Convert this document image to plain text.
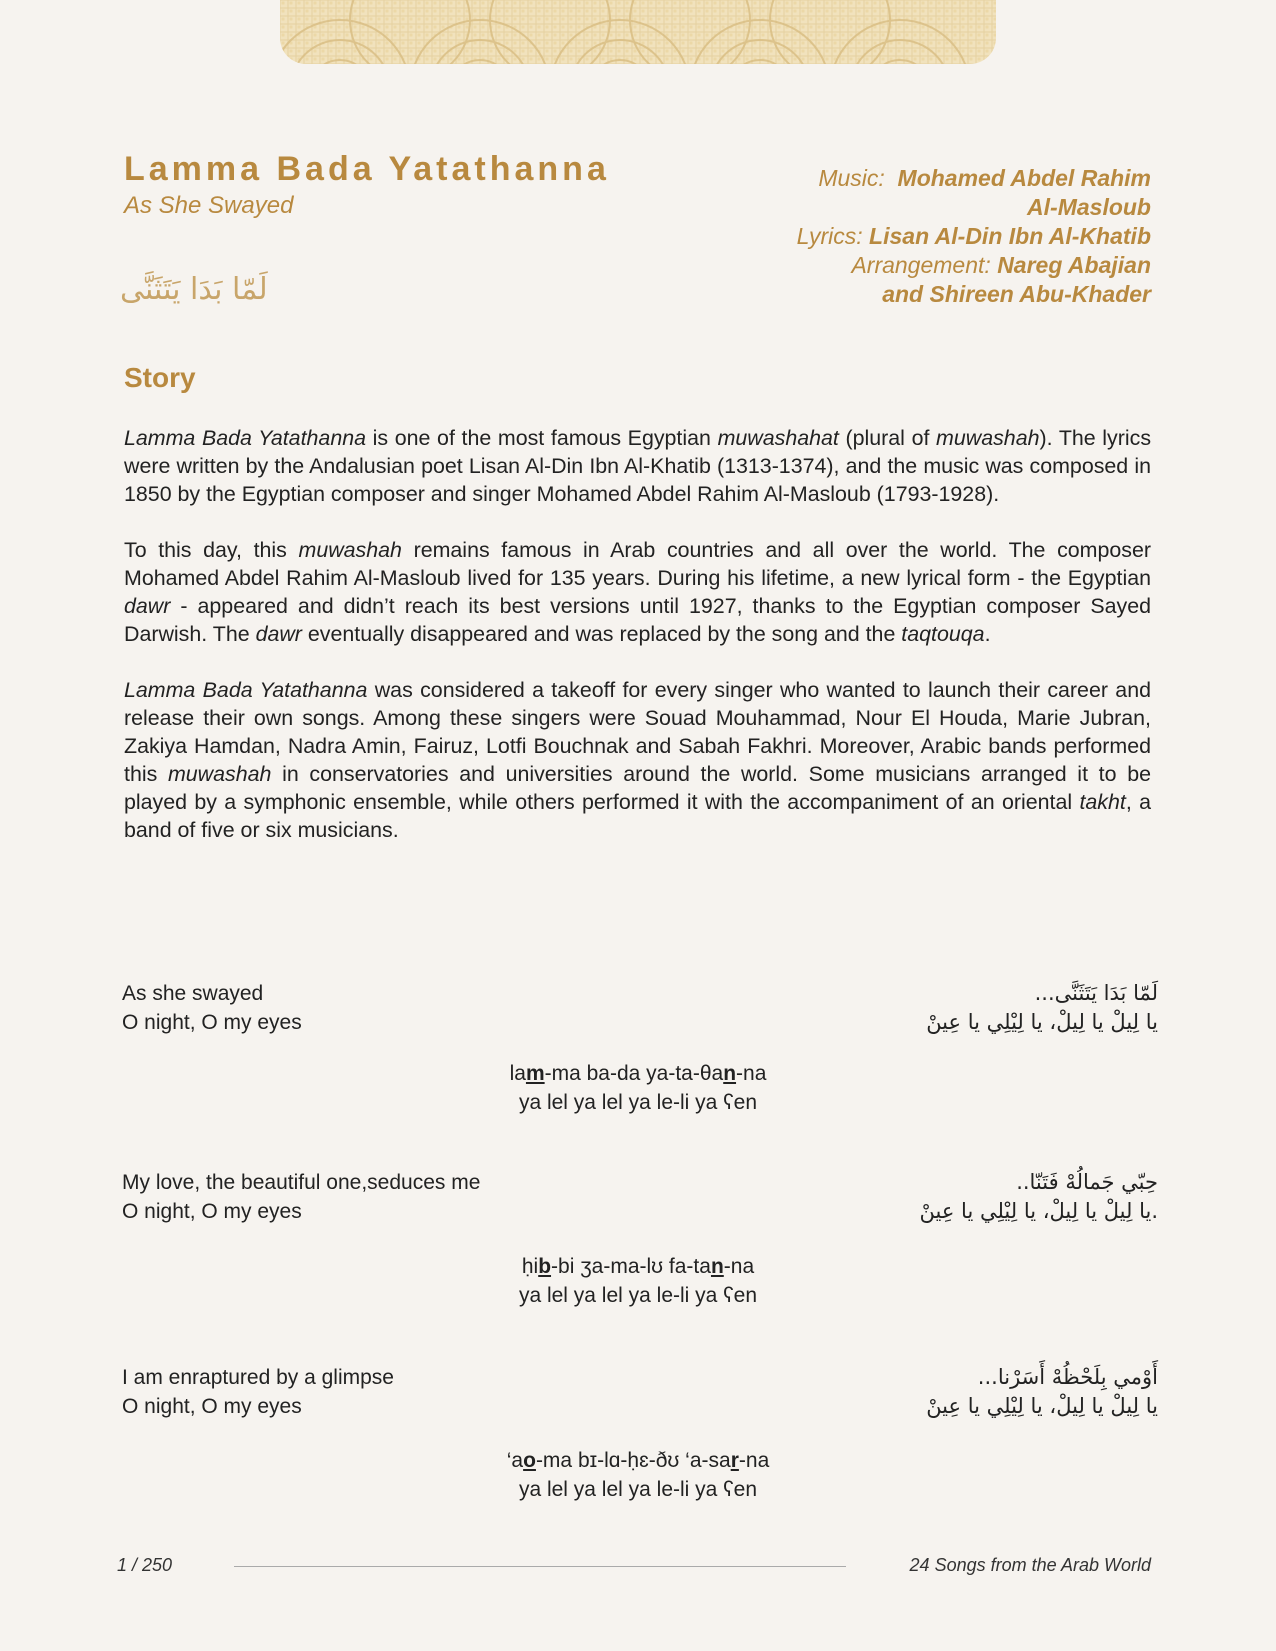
Lamma Bada Yatathanna
As She Swayed
لَمّا بَدَا يَتَثَنَّى
Music: Mohamed Abdel Rahim
Al-Masloub
Lyrics: Lisan Al-Din Ibn Al-Khatib
Arrangement: Nareg Abajian
and Shireen Abu-Khader
Story

Lamma Bada Yatathanna is one of the most famous Egyptian muwashahat (plural of muwashah). The lyrics were written by the Andalusian poet Lisan Al-Din Ibn Al-Khatib (1313-1374), and the music was composed in 1850 by the Egyptian composer and singer Mohamed Abdel Rahim Al-Masloub (1793-1928).

To this day, this muwashah remains famous in Arab countries and all over the world. The composer Mohamed Abdel Rahim Al-Masloub lived for 135 years. During his lifetime, a new lyrical form - the Egyptian dawr - appeared and didn’t reach its best versions until 1927, thanks to the Egyptian composer Sayed Darwish. The dawr eventually disappeared and was replaced by the song and the taqtouqa.

Lamma Bada Yatathanna was considered a takeoff for every singer who wanted to launch their career and release their own songs. Among these singers were Souad Mouhammad, Nour El Houda, Marie Jubran, Zakiya Hamdan, Nadra Amin, Fairuz, Lotfi Bouchnak and Sabah Fakhri. Moreover, Arabic bands performed this muwashah in conservatories and universities around the world. Some musicians arranged it to be played by a symphonic ensemble, while others performed it with the accompaniment of an oriental takht, a band of five or six musicians.

As she swayed
O night, O my eyes
لَمّا بَدَا يَتَثَنَّى...
يا لِيلْ يا لِيلْ، يا لِيْلِي يا عِينْ
lam-ma ba-da ya-ta-θan-na
ya lel ya lel ya le-li ya ʕen
My love, the beautiful one,seduces me
O night, O my eyes
حِبّي جَمالُهْ فَتَنّا..
.يا لِيلْ يا لِيلْ، يا لِيْلِي يا عِينْ
ḥib-bi ʒa-ma-lʊ fa-tan-na
ya lel ya lel ya le-li ya ʕen
I am enraptured by a glimpse
O night, O my eyes
أَوْمي بِلَحْظُهْ أَسَرْنا...
يا لِيلْ يا لِيلْ، يا لِيْلِي يا عِينْ
‘ao-ma bɪ-lɑ-ḥɛ-ðʊ ‘a-sar-na
ya lel ya lel ya le-li ya ʕen
1 / 250	24 Songs from the Arab World
